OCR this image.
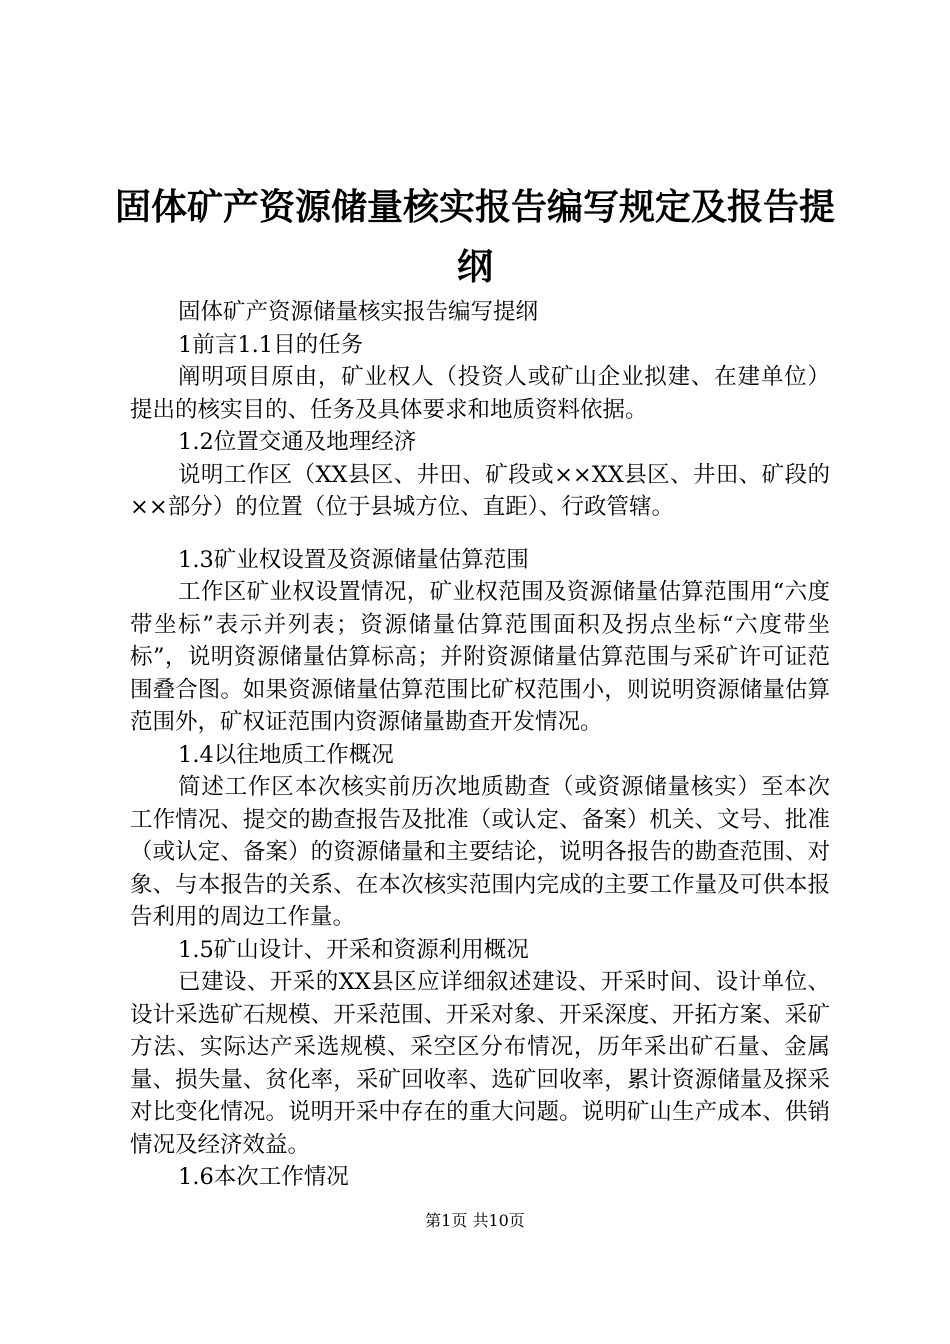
固体矿产资源储量核实报告编写规定及报告提纲

固体矿产资源储量核实报告编写提纲

1前言1.1目的任务

阐明项目原由，矿业权人（投资人或矿山企业拟建、在建单位）提出的核实目的、任务及具体要求和地质资料依据。

1.2位置交通及地理经济

说明工作区（XX县区、井田、矿段或××XX县区、井田、矿段的××部分）的位置（位于县城方位、直距）、行政管辖。

1.3矿业权设置及资源储量估算范围

工作区矿业权设置情况，矿业权范围及资源储量估算范围用“六度带坐标”表示并列表；资源储量估算范围面积及拐点坐标“六度带坐标”，说明资源储量估算标高；并附资源储量估算范围与采矿许可证范围叠合图。如果资源储量估算范围比矿权范围小，则说明资源储量估算范围外，矿权证范围内资源储量勘查开发情况。

1.4以往地质工作概况

简述工作区本次核实前历次地质勘查（或资源储量核实）至本次工作情况、提交的勘查报告及批准（或认定、备案）机关、文号、批准（或认定、备案）的资源储量和主要结论，说明各报告的勘查范围、对象、与本报告的关系、在本次核实范围内完成的主要工作量及可供本报告利用的周边工作量。

1.5矿山设计、开采和资源利用概况

已建设、开采的XX县区应详细叙述建设、开采时间、设计单位、设计采选矿石规模、开采范围、开采对象、开采深度、开拓方案、采矿方法、实际达产采选规模、采空区分布情况，历年采出矿石量、金属量、损失量、贫化率，采矿回收率、选矿回收率，累计资源储量及探采对比变化情况。说明开采中存在的重大问题。说明矿山生产成本、供销情况及经济效益。

1.6本次工作情况

第1页 共10页
